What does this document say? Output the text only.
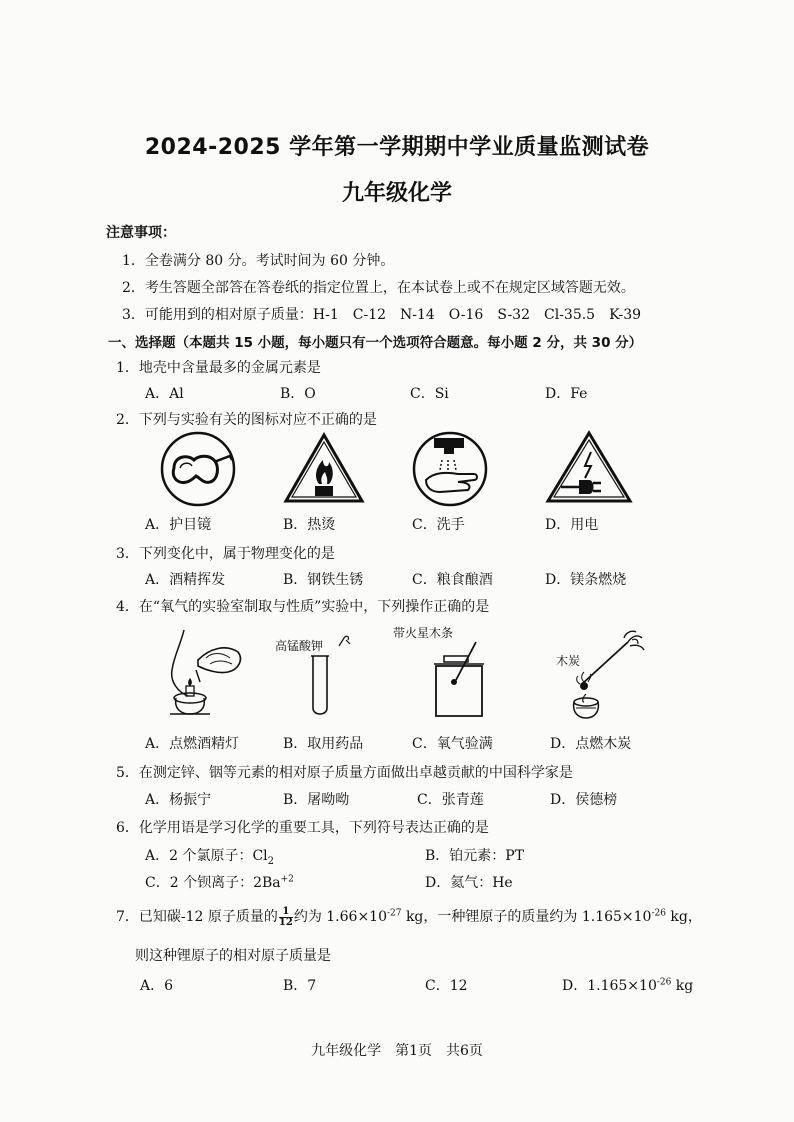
2024-2025 学年第一学期期中学业质量监测试卷
九年级化学
注意事项：
1．全卷满分 80 分。考试时间为 60 分钟。
2．考生答题全部答在答卷纸的指定位置上，在本试卷上或不在规定区域答题无效。
3．可能用到的相对原子质量：H-1　C-12　N-14　O-16　S-32　Cl-35.5　K-39
一、选择题（本题共 15 小题，每小题只有一个选项符合题意。每小题 2 分，共 30 分）
1．地壳中含量最多的金属元素是
A．Al	B．O	C．Si	D．Fe
2．下列与实验有关的图标对应不正确的是
A．护目镜	B．热烫	C．洗手	D．用电
3．下列变化中，属于物理变化的是
A．酒精挥发	B．钢铁生锈	C．粮食酿酒	D．镁条燃烧
4．在“氧气的实验室制取与性质”实验中，下列操作正确的是
高锰酸钾
带火星木条
木炭
A．点燃酒精灯	B．取用药品	C．氧气验满	D．点燃木炭
5．在测定锌、铟等元素的相对原子质量方面做出卓越贡献的中国科学家是
A．杨振宁	B．屠呦呦	C．张青莲	D．侯德榜
6．化学用语是学习化学的重要工具，下列符号表达正确的是
A．2 个氯原子：$Cl_2$	B．铂元素：PT
C．2 个钡离子：$2Ba^{+2}$	D．氦气：He
7．已知碳-12 原子质量的 $\frac{1}{12}$ 约为 $1.66\times 10^{-27}$ kg，一种锂原子的质量约为 $1.165\times 10^{-26}$ kg，
则这种锂原子的相对原子质量是
A．6	B．7	C．12	D．$1.165\times 10^{-26}$ kg
九年级化学　第1页　共6页
